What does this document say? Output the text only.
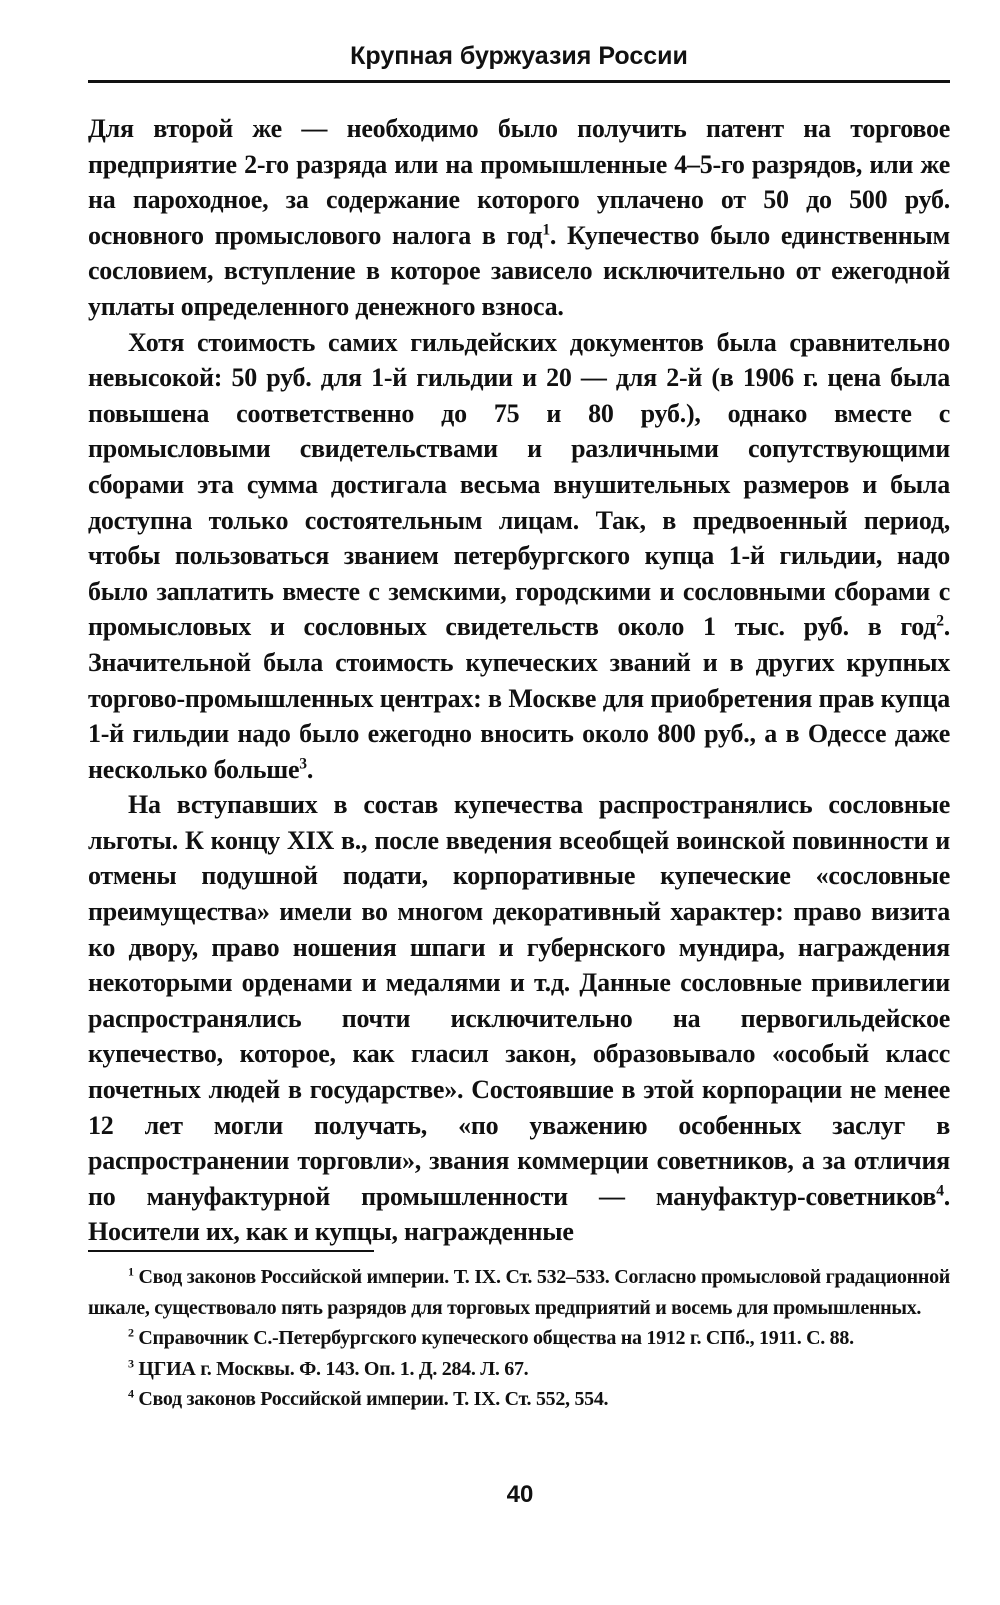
Крупная буржуазия России

Для второй же — необходимо было получить патент на торговое предприятие 2-го разряда или на промышленные 4–5-го разрядов, или же на пароходное, за содержание которого уплачено от 50 до 500 руб. основного промыслового налога в год$^1$. Купечество было единственным сословием, вступление в которое зависело исключительно от ежегодной уплаты определенного денежного взноса.

Хотя стоимость самих гильдейских документов была сравнительно невысокой: 50 руб. для 1-й гильдии и 20 — для 2-й (в 1906 г. цена была повышена соответственно до 75 и 80 руб.), однако вместе с промысловыми свидетельствами и различными сопутствующими сборами эта сумма достигала весьма внушительных размеров и была доступна только состоятельным лицам. Так, в предвоенный период, чтобы пользоваться званием петербургского купца 1-й гильдии, надо было заплатить вместе с земскими, городскими и сословными сборами с промысловых и сословных свидетельств около 1 тыс. руб. в год$^2$. Значительной была стоимость купеческих званий и в других крупных торгово-промышленных центрах: в Москве для приобретения прав купца 1-й гильдии надо было ежегодно вносить около 800 руб., а в Одессе даже несколько больше$^3$.

На вступавших в состав купечества распространялись сословные льготы. К концу XIX в., после введения всеобщей воинской повинности и отмены подушной подати, корпоративные купеческие «сословные преимущества» имели во многом декоративный характер: право визита ко двору, право ношения шпаги и губернского мундира, награждения некоторыми орденами и медалями и т.д. Данные сословные привилегии распространялись почти исключительно на первогильдейское купечество, которое, как гласил закон, образовывало «особый класс почетных людей в государстве». Состоявшие в этой корпорации не менее 12 лет могли получать, «по уважению особенных заслуг в распространении торговли», звания коммерции советников, а за отличия по мануфактурной промышленности — мануфактур-советников$^4$. Носители их, как и купцы, награжденные

$^1$ Свод законов Российской империи. Т. IX. Ст. 532–533. Согласно промысловой градационной шкале, существовало пять разрядов для торговых предприятий и восемь для промышленных.

$^2$ Справочник С.-Петербургского купеческого общества на 1912 г. СПб., 1911. С. 88.

$^3$ ЦГИА г. Москвы. Ф. 143. Оп. 1. Д. 284. Л. 67.

$^4$ Свод законов Российской империи. Т. IX. Ст. 552, 554.

40
